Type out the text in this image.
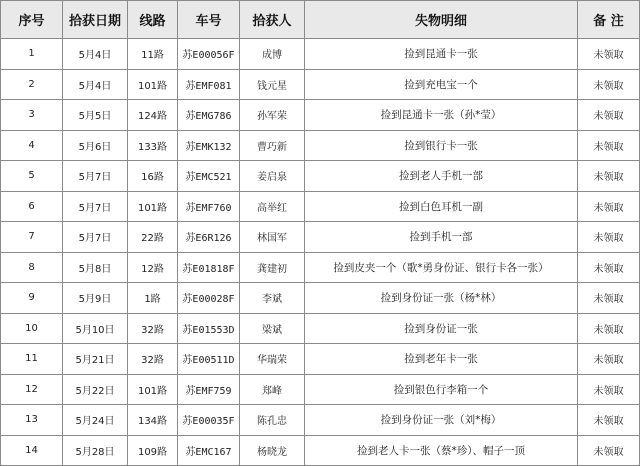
序号	拾获日期	线路	车号	拾获人	失物明细	备 注
1	5月4日	11路	苏E00056F	成博	捡到昆通卡一张	未领取
2	5月4日	101路	苏EMF081	钱元星	捡到充电宝一个	未领取
3	5月5日	124路	苏EMG786	孙军荣	捡到昆通卡一张（孙*莹）	未领取
4	5月6日	133路	苏EMK132	曹巧新	捡到银行卡一张	未领取
5	5月7日	16路	苏EMC521	姜启泉	捡到老人手机一部	未领取
6	5月7日	101路	苏EMF760	高举红	捡到白色耳机一副	未领取
7	5月7日	22路	苏E6R126	林国军	捡到手机一部	未领取
8	5月8日	12路	苏E01818F	龚建初	捡到皮夹一个（歌*勇身份证、银行卡各一张）	未领取
9	5月9日	1路	苏E00028F	李斌	捡到身份证一张（杨*林）	未领取
10	5月10日	32路	苏E01553D	梁斌	捡到身份证一张	未领取
11	5月21日	32路	苏E00511D	华瑞荣	捡到老年卡一张	未领取
12	5月22日	101路	苏EMF759	郑峰	捡到银色行李箱一个	未领取
13	5月24日	134路	苏E00035F	陈孔忠	捡到身份证一张（刘*梅）	未领取
14	5月28日	109路	苏EMC167	杨晓龙	捡到老人卡一张（蔡*珍）、帽子一顶	未领取
